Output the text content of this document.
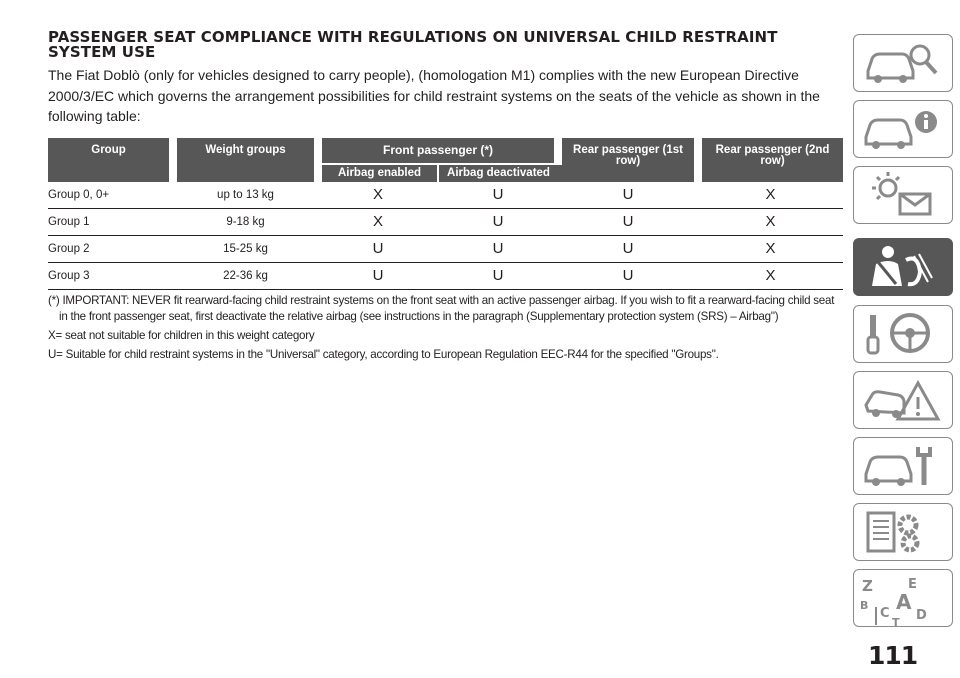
PASSENGER SEAT COMPLIANCE WITH REGULATIONS ON UNIVERSAL CHILD RESTRAINT SYSTEM USE

The Fiat Doblò (only for vehicles designed to carry people), (homologation M1) complies with the new European Directive 2000/3/EC which governs the arrangement possibilities for child restraint systems on the seats of the vehicle as shown in the following table:

Group	Weight groups	Front passenger (*)		Rear passenger (1st row)	Rear passenger (2nd row)
		Airbag enabled	Airbag deactivated		
Group 0, 0+	up to 13 kg	X	U	U	X
Group 1	9-18 kg	X	U	U	X
Group 2	15-25 kg	U	U	U	X
Group 3	22-36 kg	U	U	U	X

(*) IMPORTANT: NEVER fit rearward-facing child restraint systems on the front seat with an active passenger airbag. If you wish to fit a rearward-facing child seat in the front passenger seat, first deactivate the relative airbag (see instructions in the paragraph (Supplementary protection system (SRS) – Airbag")

X= seat not suitable for children in this weight category

U= Suitable for child restraint systems in the "Universal" category, according to European Regulation EEC-R44 for the specified "Groups".

Z	E
A
B
C D
T
111
